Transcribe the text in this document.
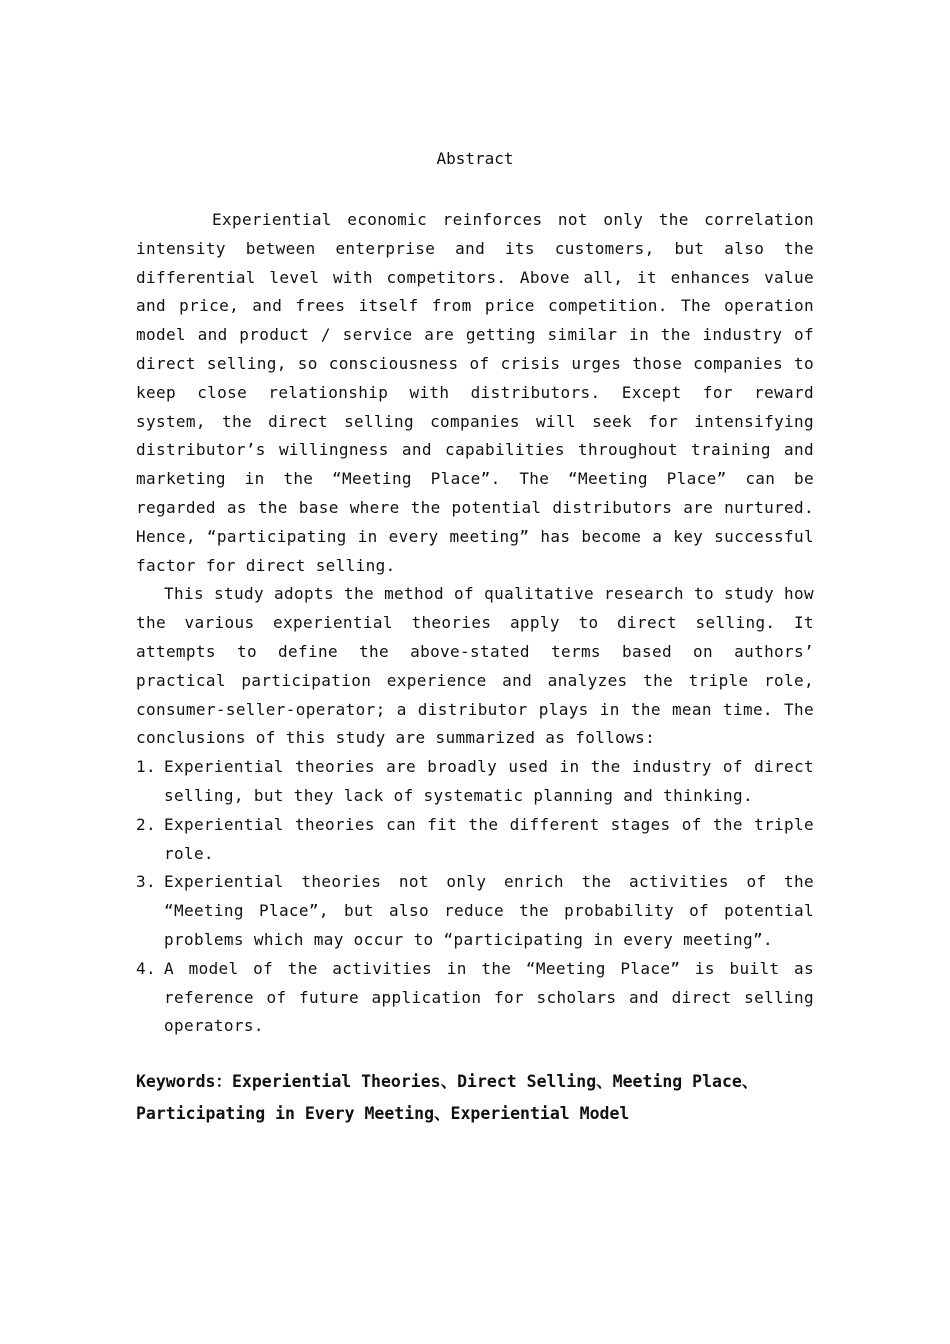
Abstract

Experiential economic reinforces not only the correlation intensity between enterprise and its customers, but also the differential level with competitors. Above all, it enhances value and price, and frees itself from price competition. The operation model and product / service are getting similar in the industry of direct selling, so consciousness of crisis urges those companies to keep close relationship with distributors. Except for reward system, the direct selling companies will seek for intensifying distributor’s willingness and capabilities throughout training and marketing in the “Meeting Place”. The “Meeting Place” can be regarded as the base where the potential distributors are nurtured. Hence, “participating in every meeting” has become a key successful factor for direct selling.

This study adopts the method of qualitative research to study how the various experiential theories apply to direct selling. It attempts to define the above-stated terms based on authors’ practical participation experience and analyzes the triple role, consumer-seller-operator; a distributor plays in the mean time. The conclusions of this study are summarized as follows:

1. Experiential theories are broadly used in the industry of direct selling, but they lack of systematic planning and thinking.
2. Experiential theories can fit the different stages of the triple role.
3. Experiential theories not only enrich the activities of the “Meeting Place”, but also reduce the probability of potential problems which may occur to “participating in every meeting”.
4. A model of the activities in the “Meeting Place” is built as reference of future application for scholars and direct selling operators.
Keywords：Experiential Theories、Direct Selling、Meeting Place、Participating in Every Meeting、Experiential Model
